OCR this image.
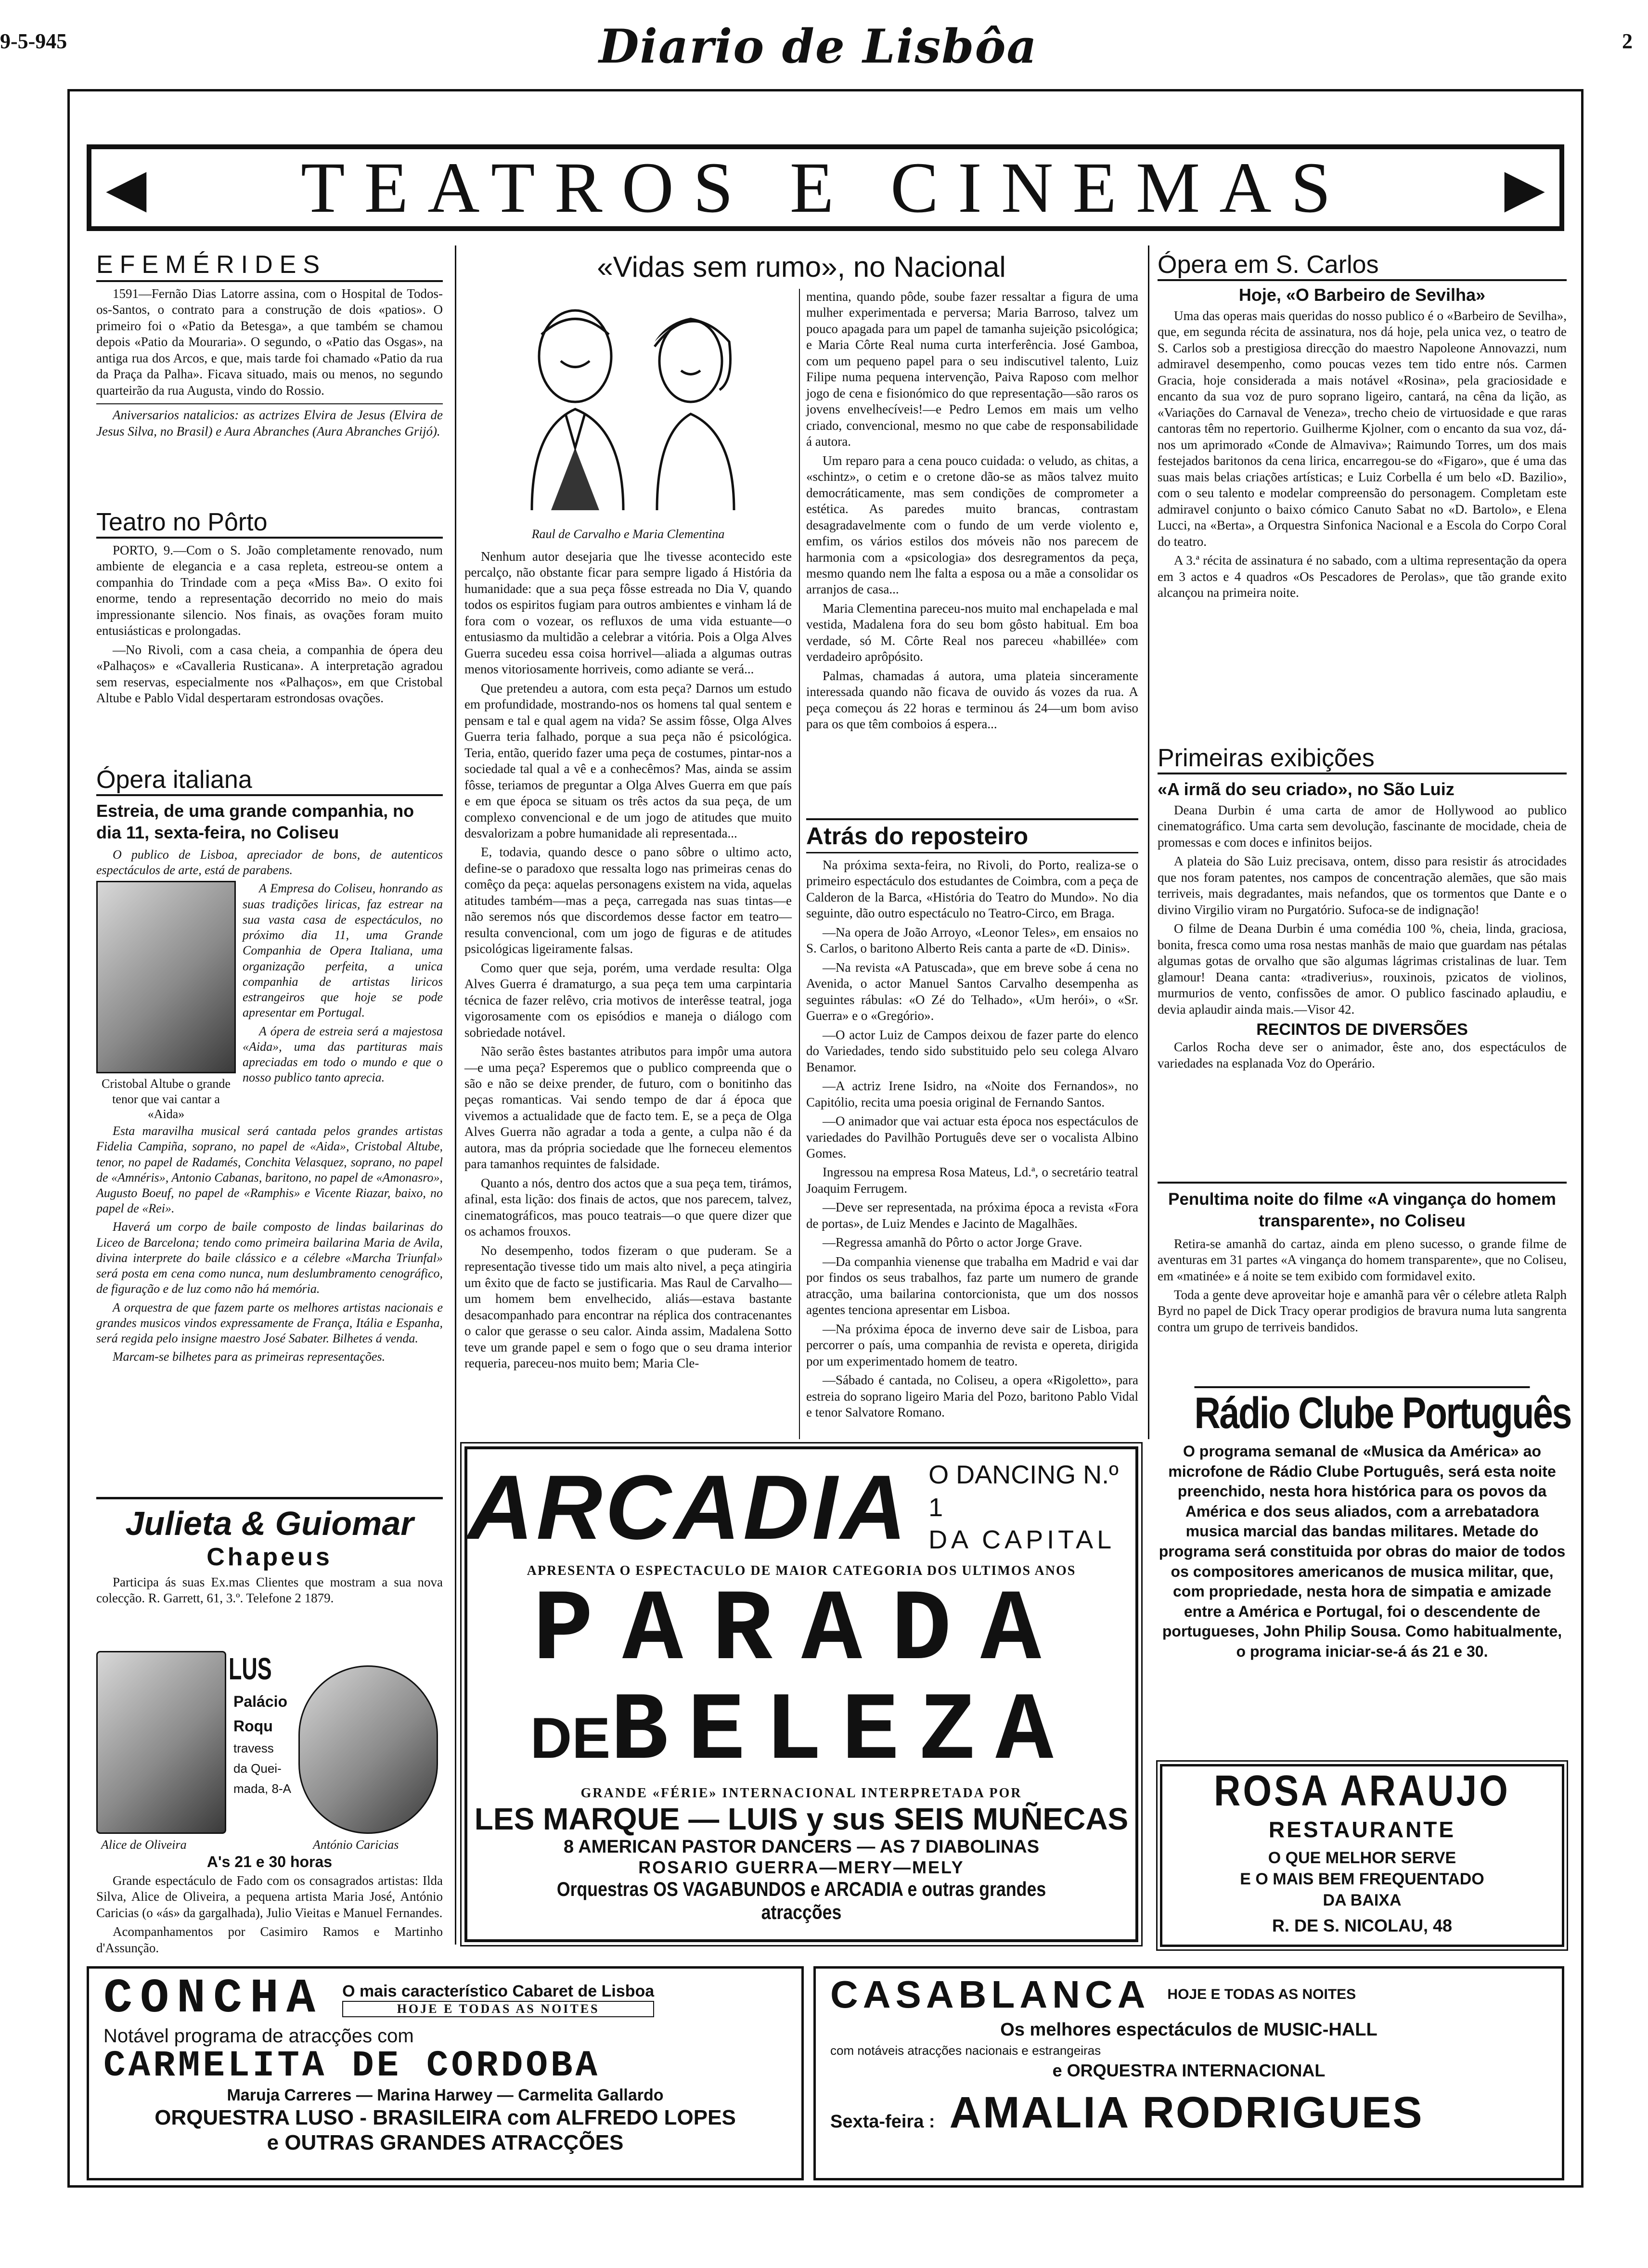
9-5-945	Diario de Lisbôa	2
◀ TEATROS E CINEMAS	▶
EFEMÉRIDES

1591—Fernão Dias Latorre assina, com o Hospital de Todos-os-Santos, o contrato para a construção de dois «patios». O primeiro foi o «Patio da Betesga», a que também se chamou depois «Patio da Mouraria». O segundo, o «Patio das Osgas», na antiga rua dos Arcos, e que, mais tarde foi chamado «Patio da rua da Praça da Palha». Ficava situado, mais ou menos, no segundo quarteirão da rua Augusta, vindo do Rossio.

Aniversarios natalicios: as actrizes Elvira de Jesus (Elvira de Jesus Silva, no Brasil) e Aura Abranches (Aura Abranches Grijó).

Teatro no Pôrto

PORTO, 9.—Com o S. João completamente renovado, num ambiente de elegancia e a casa repleta, estreou-se ontem a companhia do Trindade com a peça «Miss Ba». O exito foi enorme, tendo a representação decorrido no meio do mais impressionante silencio. Nos finais, as ovações foram muito entusiásticas e prolongadas.

—No Rivoli, com a casa cheia, a companhia de ópera deu «Palhaços» e «Cavalleria Rusticana». A interpretação agradou sem reservas, especialmente nos «Palhaços», em que Cristobal Altube e Pablo Vidal despertaram estrondosas ovações.

Ópera italiana
Estreia, de uma grande companhia, no dia 11, sexta-feira, no Coliseu

O publico de Lisboa, apreciador de bons, de autenticos espectáculos de arte, está de parabens.

Cristobal Altube o grande tenor que vai cantar a «Aida»

A Empresa do Coliseu, honrando as suas tradições liricas, faz estrear na sua vasta casa de espectáculos, no próximo dia 11, uma Grande Companhia de Opera Italiana, uma organização perfeita, a unica companhia de artistas liricos estrangeiros que hoje se pode apresentar em Portugal.

A ópera de estreia será a majestosa «Aida», uma das partituras mais apreciadas em todo o mundo e que o nosso publico tanto aprecia.

Esta maravilha musical será cantada pelos grandes artistas Fidelia Campiña, soprano, no papel de «Aida», Cristobal Altube, tenor, no papel de Radamés, Conchita Velasquez, soprano, no papel de «Amnéris», Antonio Cabanas, baritono, no papel de «Amonasro», Augusto Boeuf, no papel de «Ramphis» e Vicente Riazar, baixo, no papel de «Rei».

Haverá um corpo de baile composto de lindas bailarinas do Liceo de Barcelona; tendo como primeira bailarina Maria de Avila, divina interprete do baile clássico e a célebre «Marcha Triunfal» será posta em cena como nunca, num deslumbramento cenográfico, de figuração e de luz como não há memória.

A orquestra de que fazem parte os melhores artistas nacionais e grandes musicos vindos expressamente de França, Itália e Espanha, será regida pelo insigne maestro José Sabater. Bilhetes á venda.

Marcam-se bilhetes para as primeiras representações.

Julieta & Guiomar
Chapeus

Participa ás suas Ex.mas Clientes que mostram a sua nova colecção. R. Garrett, 61, 3.º. Telefone 2 1879.

LUS
Palácio
Roqu
travess
da Quei-
mada, 8-A
Alice de Oliveira	António Caricias
A's 21 e 30 horas

Grande espectáculo de Fado com os consagrados artistas: Ilda Silva, Alice de Oliveira, a pequena artista Maria José, António Caricias (o «ás» da gargalhada), Julio Vieitas e Manuel Fernandes.

Acompanhamentos por Casimiro Ramos e Martinho d'Assunção.

«Vidas sem rumo», no Nacional
Raul de Carvalho e Maria Clementina

Nenhum autor desejaria que lhe tivesse acontecido este percalço, não obstante ficar para sempre ligado á História da humanidade: que a sua peça fôsse estreada no Dia V, quando todos os espiritos fugiam para outros ambientes e vinham lá de fora com o vozear, os refluxos de uma vida estuante—o entusiasmo da multidão a celebrar a vitória. Pois a Olga Alves Guerra sucedeu essa coisa horrivel—aliada a algumas outras menos vitoriosamente horriveis, como adiante se verá...

Que pretendeu a autora, com esta peça? Darnos um estudo em profundidade, mostrando-nos os homens tal qual sentem e pensam e tal e qual agem na vida? Se assim fôsse, Olga Alves Guerra teria falhado, porque a sua peça não é psicológica. Teria, então, querido fazer uma peça de costumes, pintar-nos a sociedade tal qual a vê e a conhecêmos? Mas, ainda se assim fôsse, teriamos de preguntar a Olga Alves Guerra em que país e em que época se situam os três actos da sua peça, de um complexo convencional e de um jogo de atitudes que muito desvalorizam a pobre humanidade ali representada...

E, todavia, quando desce o pano sôbre o ultimo acto, define-se o paradoxo que ressalta logo nas primeiras cenas do comêço da peça: aquelas personagens existem na vida, aquelas atitudes também—mas a peça, carregada nas suas tintas—e não seremos nós que discordemos desse factor em teatro—resulta convencional, com um jogo de figuras e de atitudes psicológicas ligeiramente falsas.

Como quer que seja, porém, uma verdade resulta: Olga Alves Guerra é dramaturgo, a sua peça tem uma carpintaria técnica de fazer relêvo, cria motivos de interêsse teatral, joga vigorosamente com os episódios e maneja o diálogo com sobriedade notável.

Não serão êstes bastantes atributos para impôr uma autora—e uma peça? Esperemos que o publico compreenda que o são e não se deixe prender, de futuro, com o bonitinho das peças romanticas. Vai sendo tempo de dar á época que vivemos a actualidade que de facto tem. E, se a peça de Olga Alves Guerra não agradar a toda a gente, a culpa não é da autora, mas da própria sociedade que lhe forneceu elementos para tamanhos requintes de falsidade.

Quanto a nós, dentro dos actos que a sua peça tem, tirámos, afinal, esta lição: dos finais de actos, que nos parecem, talvez, cinematográficos, mas pouco teatrais—o que quere dizer que os achamos frouxos.

No desempenho, todos fizeram o que puderam. Se a representação tivesse tido um mais alto nivel, a peça atingiria um êxito que de facto se justificaria. Mas Raul de Carvalho—um homem bem envelhecido, aliás—estava bastante desacompanhado para encontrar na réplica dos contracenantes o calor que gerasse o seu calor. Ainda assim, Madalena Sotto teve um grande papel e sem o fogo que o seu drama interior requeria, pareceu-nos muito bem; Maria Cle-

mentina, quando pôde, soube fazer ressaltar a figura de uma mulher experimentada e perversa; Maria Barroso, talvez um pouco apagada para um papel de tamanha sujeição psicológica; e Maria Côrte Real numa curta interferência. José Gamboa, com um pequeno papel para o seu indiscutivel talento, Luiz Filipe numa pequena intervenção, Paiva Raposo com melhor jogo de cena e fisionómico do que representação—são raros os jovens envelhecíveis!—e Pedro Lemos em mais um velho criado, convencional, mesmo no que cabe de responsabilidade á autora.

Um reparo para a cena pouco cuidada: o veludo, as chitas, a «schintz», o cetim e o cretone dão-se as mãos talvez muito democráticamente, mas sem condições de comprometer a estética. As paredes muito brancas, contrastam desagradavelmente com o fundo de um verde violento e, emfim, os vários estilos dos móveis não nos parecem de harmonia com a «psicologia» dos desregramentos da peça, mesmo quando nem lhe falta a esposa ou a mãe a consolidar os arranjos de casa...

Maria Clementina pareceu-nos muito mal enchapelada e mal vestida, Madalena fora do seu bom gôsto habitual. Em boa verdade, só M. Côrte Real nos pareceu «habillée» com verdadeiro aprôpósito.

Palmas, chamadas á autora, uma plateia sinceramente interessada quando não ficava de ouvido ás vozes da rua. A peça começou ás 22 horas e terminou ás 24—um bom aviso para os que têm comboios á espera...

Atrás do reposteiro

Na próxima sexta-feira, no Rivoli, do Porto, realiza-se o primeiro espectáculo dos estudantes de Coimbra, com a peça de Calderon de la Barca, «História do Teatro do Mundo». No dia seguinte, dão outro espectáculo no Teatro-Circo, em Braga.

—Na opera de João Arroyo, «Leonor Teles», em ensaios no S. Carlos, o baritono Alberto Reis canta a parte de «D. Dinis».

—Na revista «A Patuscada», que em breve sobe á cena no Avenida, o actor Manuel Santos Carvalho desempenha as seguintes rábulas: «O Zé do Telhado», «Um herói», o «Sr. Guerra» e o «Gregório».

—O actor Luiz de Campos deixou de fazer parte do elenco do Variedades, tendo sido substituido pelo seu colega Alvaro Benamor.

—A actriz Irene Isidro, na «Noite dos Fernandos», no Capitólio, recita uma poesia original de Fernando Santos.

—O animador que vai actuar esta época nos espectáculos de variedades do Pavilhão Português deve ser o vocalista Albino Gomes.

Ingressou na empresa Rosa Mateus, Ld.ª, o secretário teatral Joaquim Ferrugem.

—Deve ser representada, na próxima época a revista «Fora de portas», de Luiz Mendes e Jacinto de Magalhães.

—Regressa amanhã do Pôrto o actor Jorge Grave.

—Da companhia vienense que trabalha em Madrid e vai dar por findos os seus trabalhos, faz parte um numero de grande atracção, uma bailarina contorcionista, que um dos nossos agentes tenciona apresentar em Lisboa.

—Na próxima época de inverno deve sair de Lisboa, para percorrer o país, uma companhia de revista e opereta, dirigida por um experimentado homem de teatro.

—Sábado é cantada, no Coliseu, a opera «Rigoletto», para estreia do soprano ligeiro Maria del Pozo, baritono Pablo Vidal e tenor Salvatore Romano.

ARCADIA O DANCING N.º 1
DA CAPITAL
APRESENTA O ESPECTACULO DE MAIOR CATEGORIA DOS ULTIMOS ANOS
PARADA
DEBELEZA
GRANDE «FÉRIE» INTERNACIONAL INTERPRETADA POR
LES MARQUE — LUIS y sus SEIS MUÑECAS
8 AMERICAN PASTOR DANCERS — AS 7 DIABOLINAS
ROSARIO GUERRA—MERY—MELY
Orquestras OS VAGABUNDOS e ARCADIA e outras grandes atracções
Ópera em S. Carlos
Hoje, «O Barbeiro de Sevilha»

Uma das operas mais queridas do nosso publico é o «Barbeiro de Sevilha», que, em segunda récita de assinatura, nos dá hoje, pela unica vez, o teatro de S. Carlos sob a prestigiosa direcção do maestro Napoleone Annovazzi, num admiravel desempenho, como poucas vezes tem tido entre nós. Carmen Gracia, hoje considerada a mais notável «Rosina», pela graciosidade e encanto da sua voz de puro soprano ligeiro, cantará, na cêna da lição, as «Variações do Carnaval de Veneza», trecho cheio de virtuosidade e que raras cantoras têm no repertorio. Guilherme Kjolner, com o encanto da sua voz, dá-nos um aprimorado «Conde de Almaviva»; Raimundo Torres, um dos mais festejados baritonos da cena lirica, encarregou-se do «Figaro», que é uma das suas mais belas criações artísticas; e Luiz Corbella é um belo «D. Bazilio», com o seu talento e modelar compreensão do personagem. Completam este admiravel conjunto o baixo cómico Canuto Sabat no «D. Bartolo», e Elena Lucci, na «Berta», a Orquestra Sinfonica Nacional e a Escola do Corpo Coral do teatro.

A 3.ª récita de assinatura é no sabado, com a ultima representação da opera em 3 actos e 4 quadros «Os Pescadores de Perolas», que tão grande exito alcançou na primeira noite.

Primeiras exibições
«A irmã do seu criado», no São Luiz

Deana Durbin é uma carta de amor de Hollywood ao publico cinematográfico. Uma carta sem devolução, fascinante de mocidade, cheia de promessas e com doces e infinitos beijos.

A plateia do São Luiz precisava, ontem, disso para resistir ás atrocidades que nos foram patentes, nos campos de concentração alemães, que são mais terriveis, mais degradantes, mais nefandos, que os tormentos que Dante e o divino Virgilio viram no Purgatório. Sufoca-se de indignação!

O filme de Deana Durbin é uma comédia 100 %, cheia, linda, graciosa, bonita, fresca como uma rosa nestas manhãs de maio que guardam nas pétalas algumas gotas de orvalho que são algumas lágrimas cristalinas de luar. Tem glamour! Deana canta: «tradiverius», rouxinois, pzicatos de violinos, murmurios de vento, confissões de amor. O publico fascinado aplaudiu, e devia aplaudir ainda mais.—Visor 42.

RECINTOS DE DIVERSÕES

Carlos Rocha deve ser o animador, êste ano, dos espectáculos de variedades na esplanada Voz do Operário.

Penultima noite do filme «A vingança do homem transparente», no Coliseu

Retira-se amanhã do cartaz, ainda em pleno sucesso, o grande filme de aventuras em 31 partes «A vingança do homem transparente», que no Coliseu, em «matinée» e á noite se tem exibido com formidavel exito.

Toda a gente deve aproveitar hoje e amanhã para vêr o célebre atleta Ralph Byrd no papel de Dick Tracy operar prodigios de bravura numa luta sangrenta contra um grupo de terriveis bandidos.

Rádio Clube Português
O programa semanal de «Musica da América» ao microfone de Rádio Clube Português, será esta noite preenchido, nesta hora histórica para os povos da América e dos seus aliados, com a arrebatadora musica marcial das bandas militares. Metade do programa será constituida por obras do maior de todos os compositores americanos de musica militar, que, com propriedade, nesta hora de simpatia e amizade entre a América e Portugal, foi o descendente de portugueses, John Philip Sousa. Como habitualmente, o programa iniciar-se-á ás 21 e 30.
ROSA ARAUJO
RESTAURANTE
O QUE MELHOR SERVE
E O MAIS BEM FREQUENTADO
DA BAIXA
R. DE S. NICOLAU, 48
CONCHA O mais característico Cabaret de Lisboa
HOJE E TODAS AS NOITES
Notável programa de atracções com
CARMELITA DE CORDOBA
Maruja Carreres — Marina Harwey — Carmelita Gallardo
ORQUESTRA LUSO - BRASILEIRA com ALFREDO LOPES
e OUTRAS GRANDES ATRACÇÕES
CASABLANCA HOJE E TODAS AS NOITES
Os melhores espectáculos de MUSIC-HALL
com notáveis atracções nacionais e estrangeiras
e ORQUESTRA INTERNACIONAL
Sexta-feira : AMALIA RODRIGUES
